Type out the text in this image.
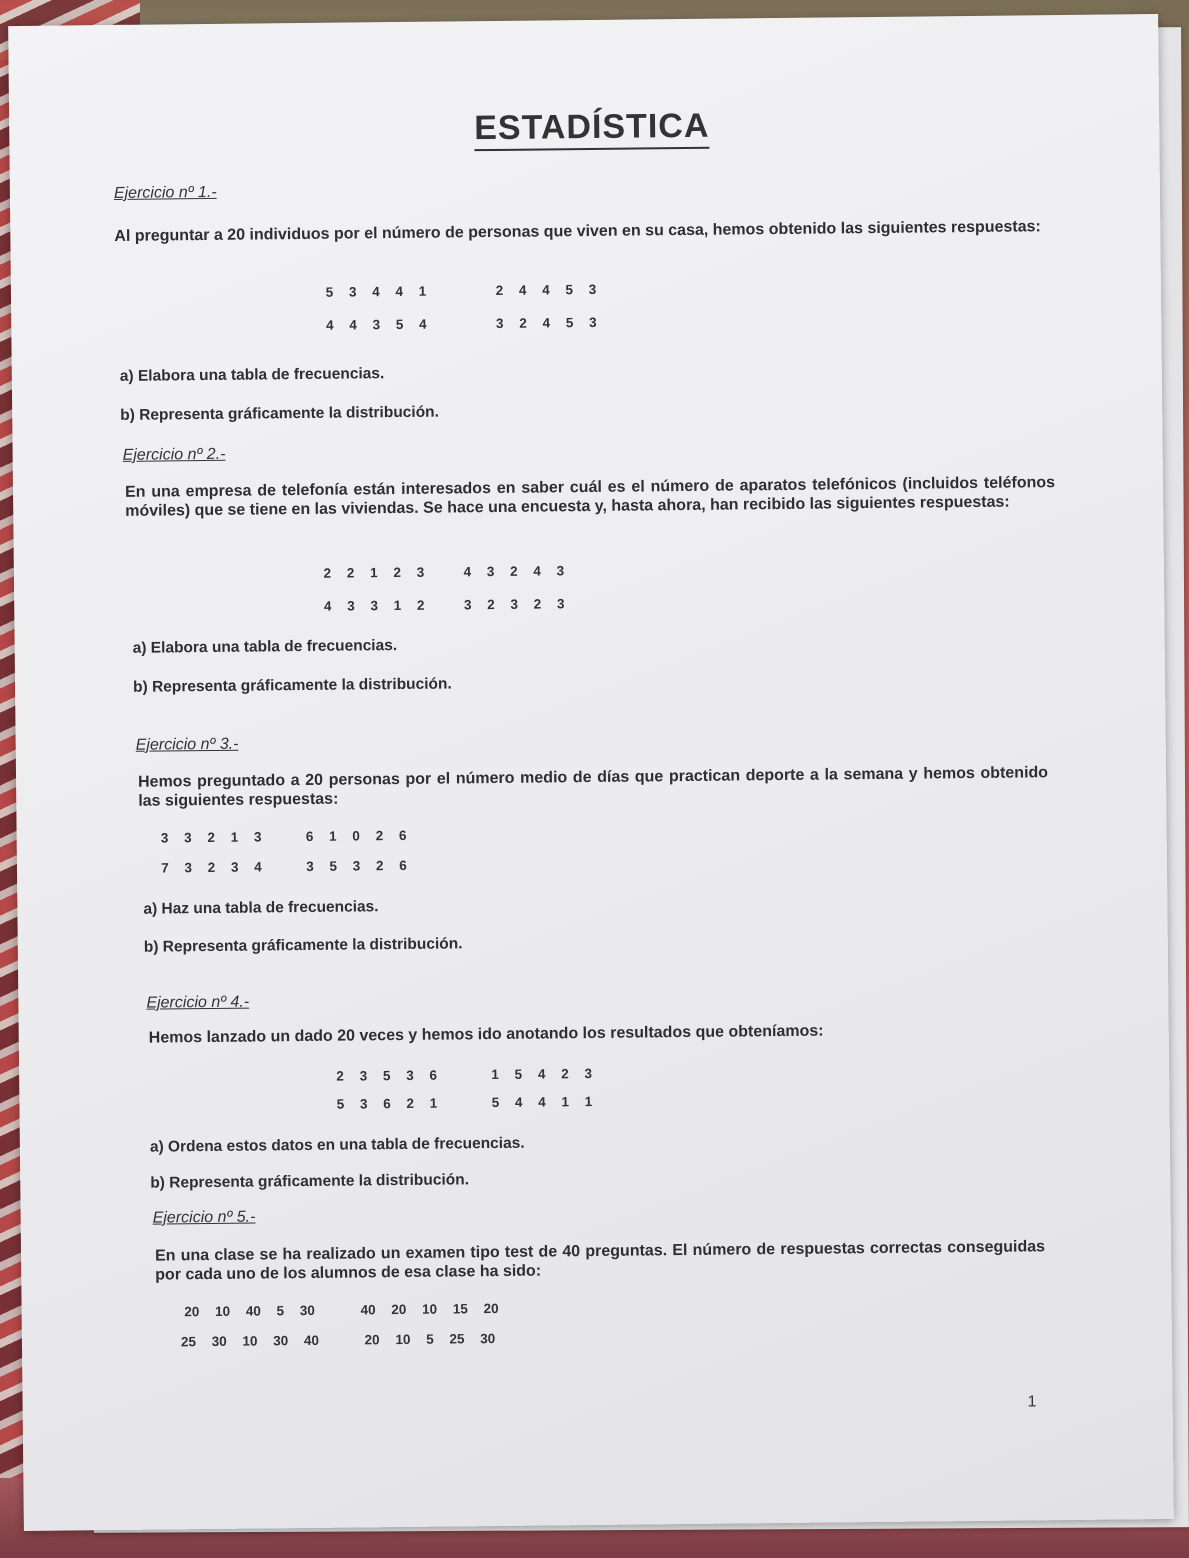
ESTADÍSTICA
Ejercicio nº 1.-
Al preguntar a 20 individuos por el número de personas que viven en su casa, hemos obtenido las siguientes respuestas:
5 3 4 4 1	2 4 4 5 3
4 4 3 5 4	3 2 4 5 3
a) Elabora una tabla de frecuencias.
b) Representa gráficamente la distribución.
Ejercicio nº 2.-
En una empresa de telefonía están interesados en saber cuál es el número de aparatos telefónicos (incluidos teléfonos móviles) que se tiene en las viviendas. Se hace una encuesta y, hasta ahora, han recibido las siguientes respuestas:
2 2 1 2 3	4 3 2 4 3
4 3 3 1 2	3 2 3 2 3
a) Elabora una tabla de frecuencias.
b) Representa gráficamente la distribución.
Ejercicio nº 3.-
Hemos preguntado a 20 personas por el número medio de días que practican deporte a la semana y hemos obtenido las siguientes respuestas:
3 3 2 1 3	6 1 0 2 6
7 3 2 3 4	3 5 3 2 6
a) Haz una tabla de frecuencias.
b) Representa gráficamente la distribución.
Ejercicio nº 4.-
Hemos lanzado un dado 20 veces y hemos ido anotando los resultados que obteníamos:
2 3 5 3 6	1 5 4 2 3
5 3 6 2 1	5 4 4 1 1
a) Ordena estos datos en una tabla de frecuencias.
b) Representa gráficamente la distribución.
Ejercicio nº 5.-
En una clase se ha realizado un examen tipo test de 40 preguntas. El número de respuestas correctas conseguidas por cada uno de los alumnos de esa clase ha sido:
20 10 40 5 30	40 20 10 15 20
25 30 10 30 40	20 10 5 25 30
1
